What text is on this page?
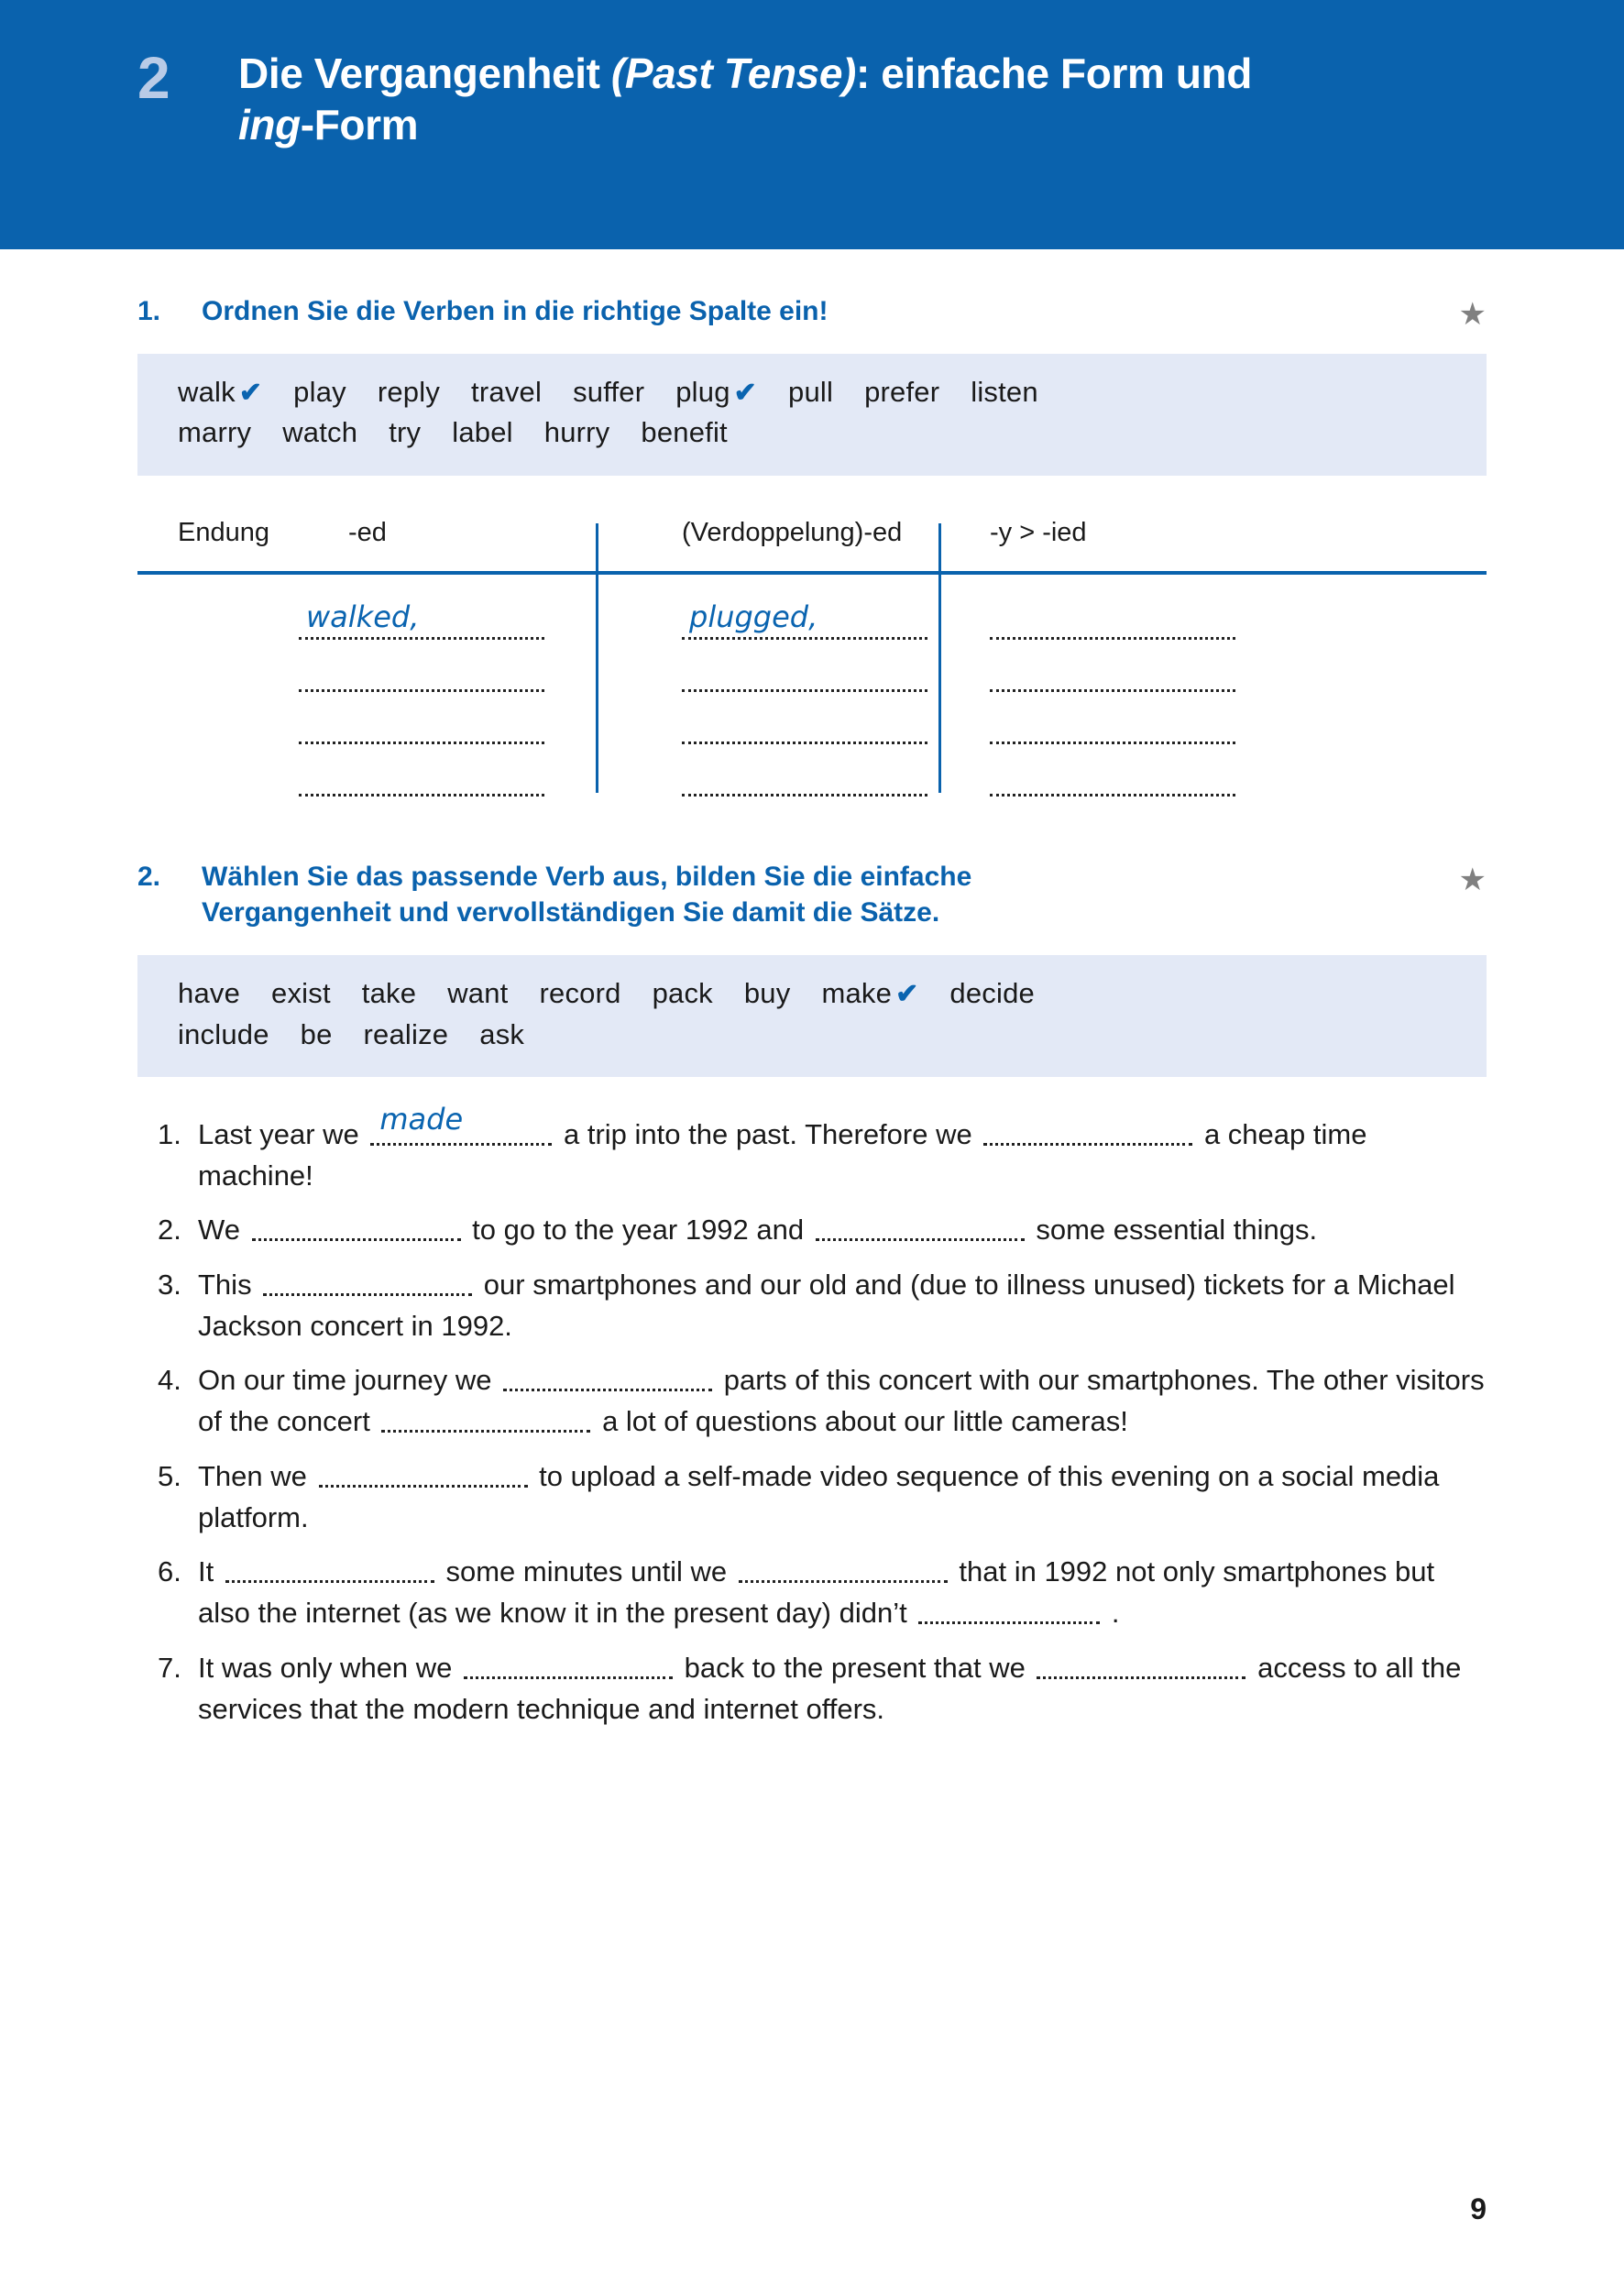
2	Die Vergangenheit (Past Tense): einfache Form und
ing-Form
1.	Ordnen Sie die Verben in die richtige Spalte ein!	★
walk ✔ play reply travel suffer plug ✔ pull prefer listen
marry watch try label hurry benefit
Endung	-ed	(Verdoppelung)-ed	-y > -ied
walked,	plugged,
2.	Wählen Sie das passende Verb aus, bilden Sie die einfache
Vergangenheit und vervollständigen Sie damit die Sätze.
★
have exist take want record pack buy make ✔ decide
include be realize ask
1. Last year we made	a trip into the past. Therefore we	a cheap time machine!
2. We	to go to the year 1992 and	some essential things.
3. This	our smartphones and our old and (due to illness unused) tickets for a Michael Jackson concert in 1992.
4. On our time journey we	parts of this concert with our smartphones. The other visitors of the concert	a lot of questions about our little cameras!
5. Then we	to upload a self-made video sequence of this evening on a social media platform.
6. It	some minutes until we	that in 1992 not only smartphones but also the internet (as we know it in the present day) didn’t	.
7. It was only when we	back to the present that we	access to all the services that the modern technique and internet offers.
9
